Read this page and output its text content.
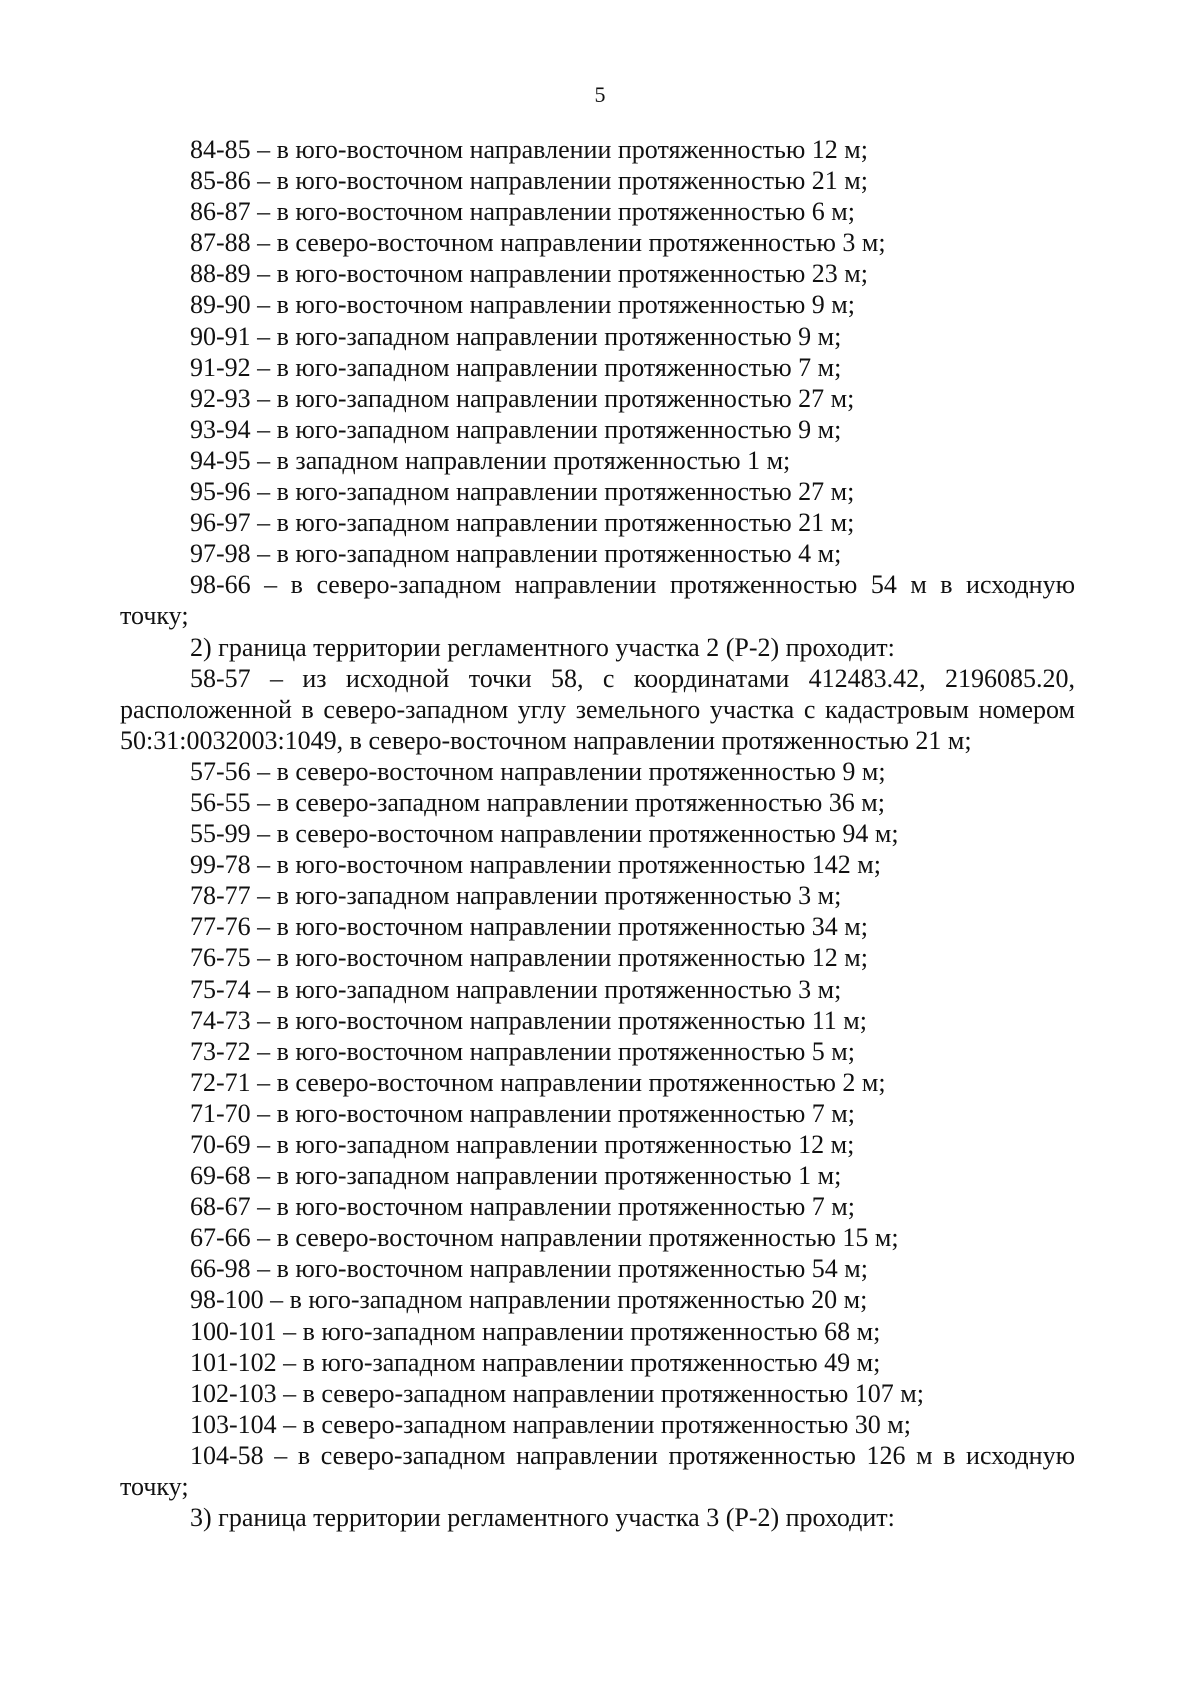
5

84-85 – в юго-восточном направлении протяженностью 12 м;

85-86 – в юго-восточном направлении протяженностью 21 м;

86-87 – в юго-восточном направлении протяженностью 6 м;

87-88 – в северо-восточном направлении протяженностью 3 м;

88-89 – в юго-восточном направлении протяженностью 23 м;

89-90 – в юго-восточном направлении протяженностью 9 м;

90-91 – в юго-западном направлении протяженностью 9 м;

91-92 – в юго-западном направлении протяженностью 7 м;

92-93 – в юго-западном направлении протяженностью 27 м;

93-94 – в юго-западном направлении протяженностью 9 м;

94-95 – в западном направлении протяженностью 1 м;

95-96 – в юго-западном направлении протяженностью 27 м;

96-97 – в юго-западном направлении протяженностью 21 м;

97-98 – в юго-западном направлении протяженностью 4 м;

98-66 – в северо-западном направлении протяженностью 54 м в исходную точку;

2) граница территории регламентного участка 2 (Р-2) проходит:

58-57 – из исходной точки 58, с координатами 412483.42, 2196085.20, расположенной в северо-западном углу земельного участка с кадастровым номером 50:31:0032003:1049, в северо-восточном направлении протяженностью 21 м;

57-56 – в северо-восточном направлении протяженностью 9 м;

56-55 – в северо-западном направлении протяженностью 36 м;

55-99 – в северо-восточном направлении протяженностью 94 м;

99-78 – в юго-восточном направлении протяженностью 142 м;

78-77 – в юго-западном направлении протяженностью 3 м;

77-76 – в юго-восточном направлении протяженностью 34 м;

76-75 – в юго-восточном направлении протяженностью 12 м;

75-74 – в юго-западном направлении протяженностью 3 м;

74-73 – в юго-восточном направлении протяженностью 11 м;

73-72 – в юго-восточном направлении протяженностью 5 м;

72-71 – в северо-восточном направлении протяженностью 2 м;

71-70 – в юго-восточном направлении протяженностью 7 м;

70-69 – в юго-западном направлении протяженностью 12 м;

69-68 – в юго-западном направлении протяженностью 1 м;

68-67 – в юго-восточном направлении протяженностью 7 м;

67-66 – в северо-восточном направлении протяженностью 15 м;

66-98 – в юго-восточном направлении протяженностью 54 м;

98-100 – в юго-западном направлении протяженностью 20 м;

100-101 – в юго-западном направлении протяженностью 68 м;

101-102 – в юго-западном направлении протяженностью 49 м;

102-103 – в северо-западном направлении протяженностью 107 м;

103-104 – в северо-западном направлении протяженностью 30 м;

104-58 – в северо-западном направлении протяженностью 126 м в исходную точку;

3) граница территории регламентного участка 3 (Р-2) проходит:
